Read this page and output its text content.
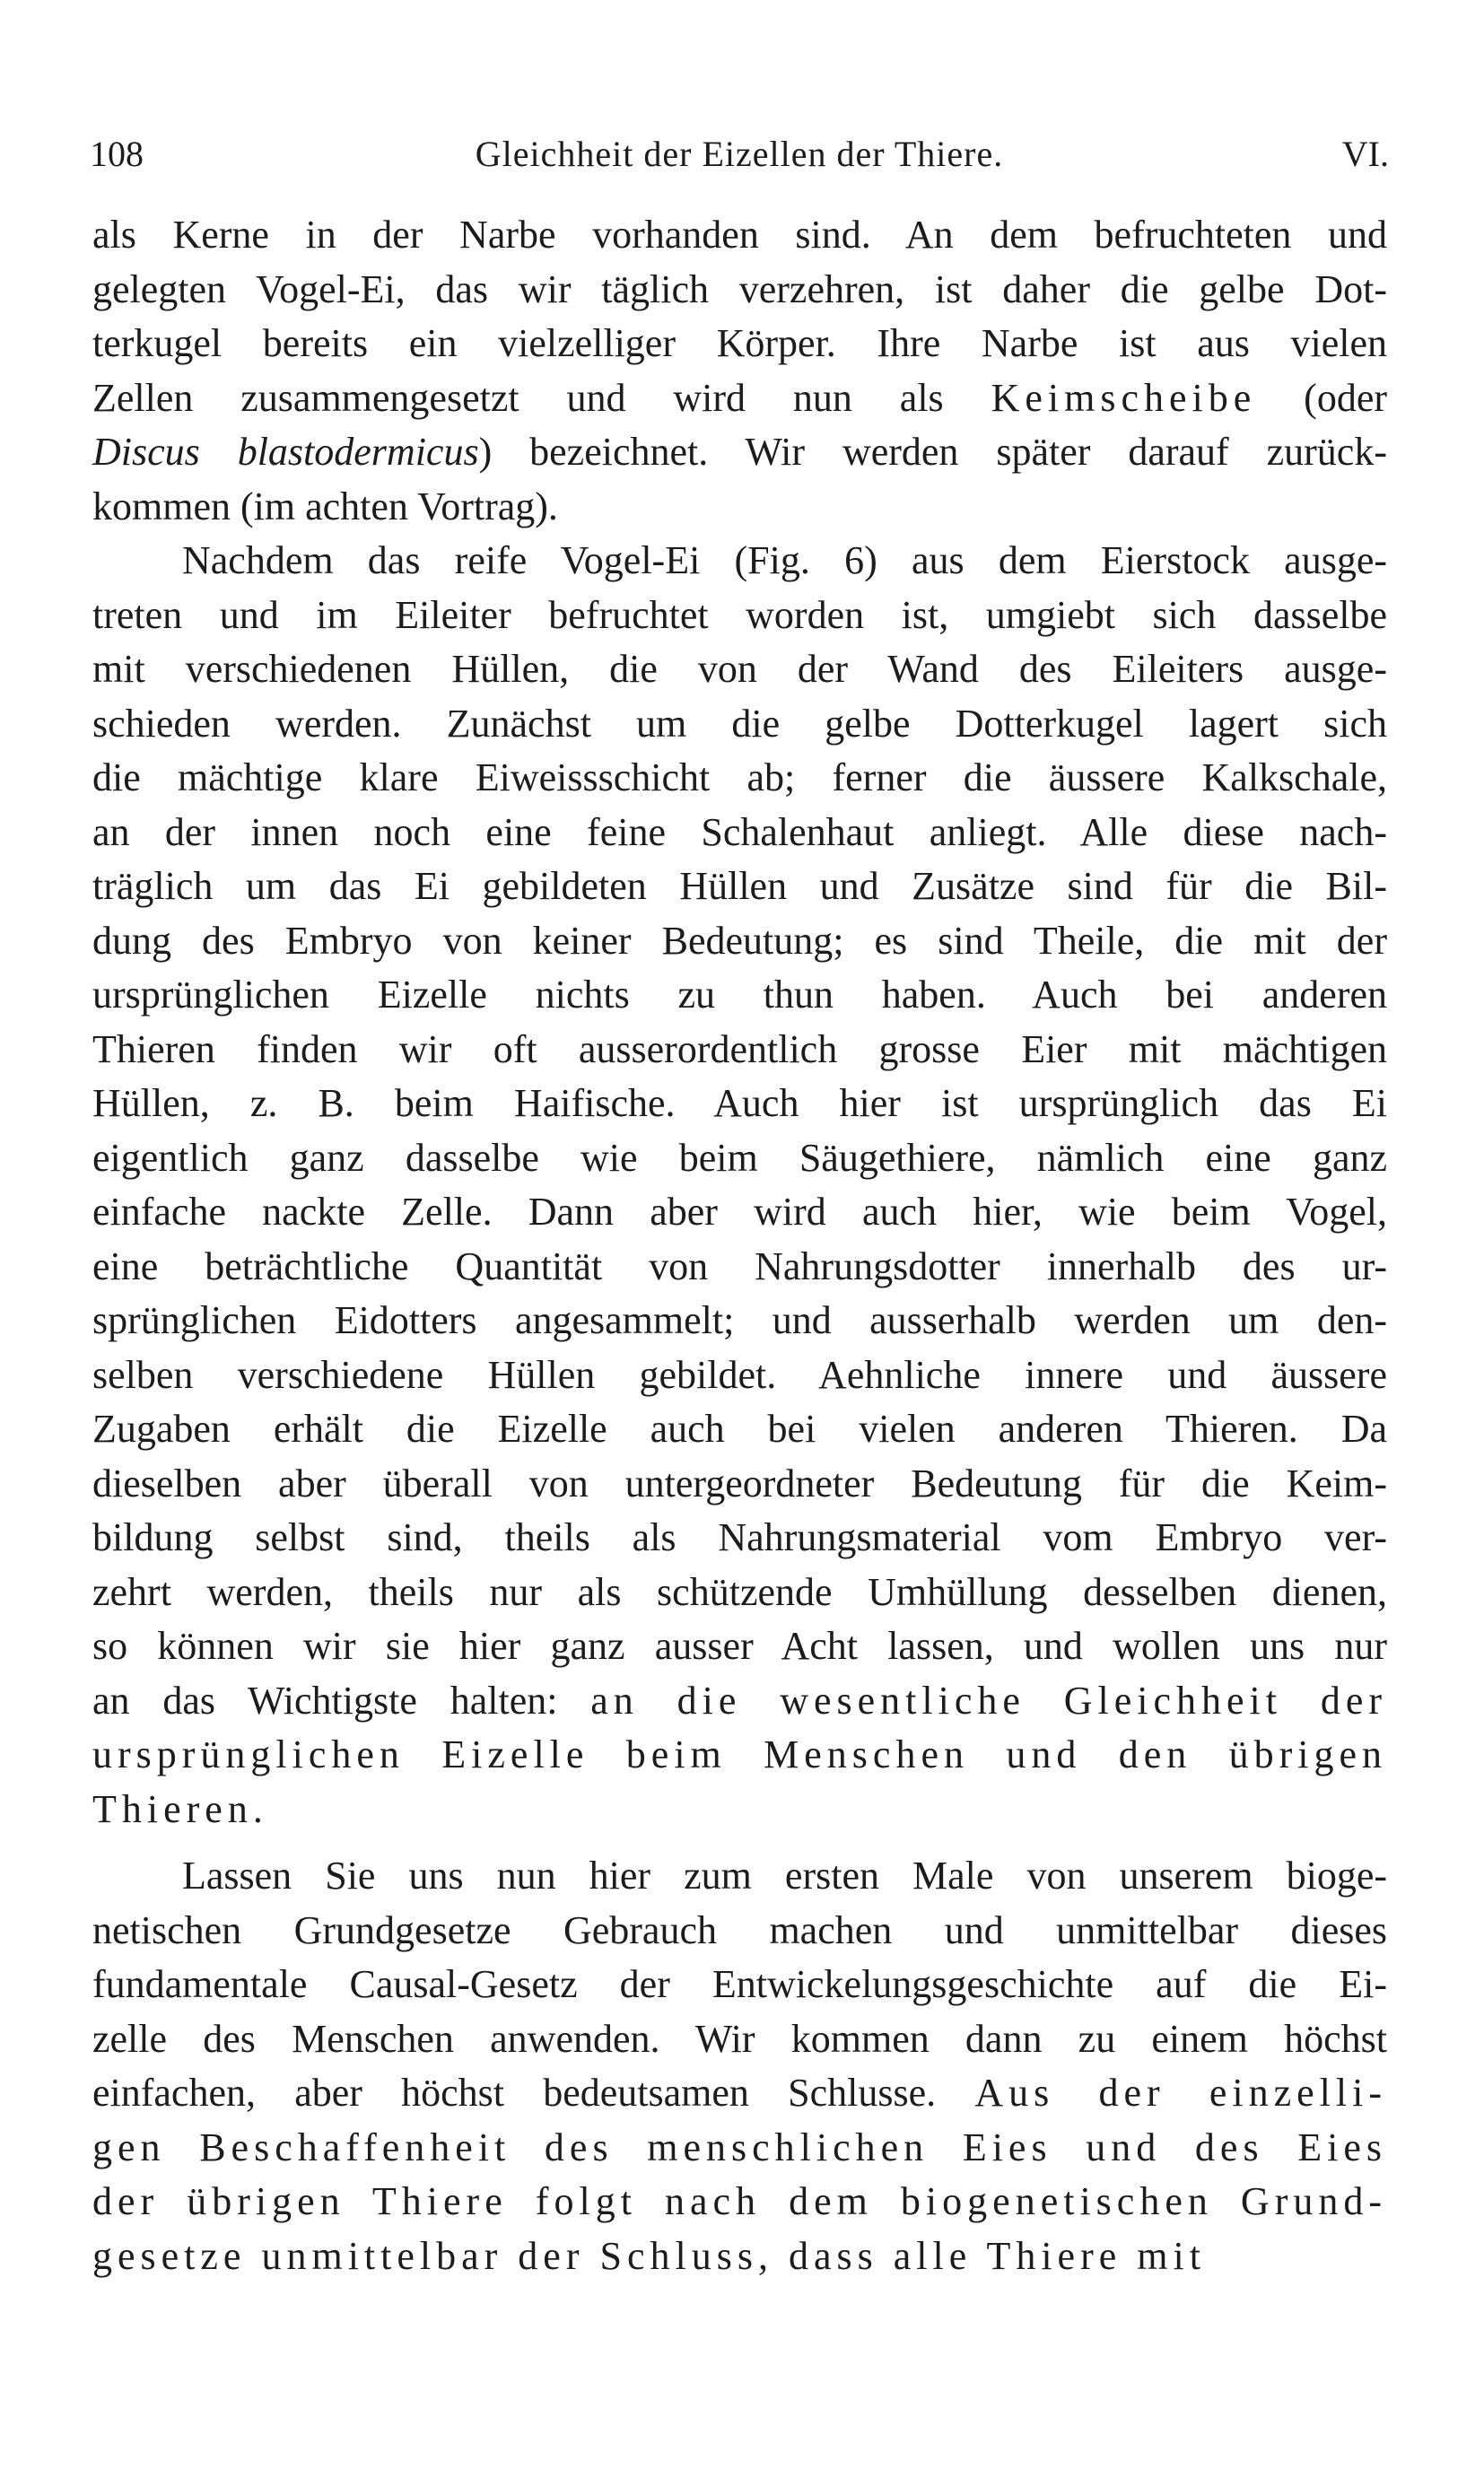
108	Gleichheit der Eizellen der Thiere.	VI.
als Kerne in der Narbe vorhanden sind. An dem befruchteten und
gelegten Vogel-Ei, das wir täglich verzehren, ist daher die gelbe Dot-
terkugel bereits ein vielzelliger Körper. Ihre Narbe ist aus vielen
Zellen zusammengesetzt und wird nun als Keimscheibe (oder
Discus blastodermicus) bezeichnet. Wir werden später darauf zurück-
kommen (im achten Vortrag).
Nachdem das reife Vogel-Ei (Fig. 6) aus dem Eierstock ausge-
treten und im Eileiter befruchtet worden ist, umgiebt sich dasselbe
mit verschiedenen Hüllen, die von der Wand des Eileiters ausge-
schieden werden. Zunächst um die gelbe Dotterkugel lagert sich
die mächtige klare Eiweissschicht ab; ferner die äussere Kalkschale,
an der innen noch eine feine Schalenhaut anliegt. Alle diese nach-
träglich um das Ei gebildeten Hüllen und Zusätze sind für die Bil-
dung des Embryo von keiner Bedeutung; es sind Theile, die mit der
ursprünglichen Eizelle nichts zu thun haben. Auch bei anderen
Thieren finden wir oft ausserordentlich grosse Eier mit mächtigen
Hüllen, z. B. beim Haifische. Auch hier ist ursprünglich das Ei
eigentlich ganz dasselbe wie beim Säugethiere, nämlich eine ganz
einfache nackte Zelle. Dann aber wird auch hier, wie beim Vogel,
eine beträchtliche Quantität von Nahrungsdotter innerhalb des ur-
sprünglichen Eidotters angesammelt; und ausserhalb werden um den-
selben verschiedene Hüllen gebildet. Aehnliche innere und äussere
Zugaben erhält die Eizelle auch bei vielen anderen Thieren. Da
dieselben aber überall von untergeordneter Bedeutung für die Keim-
bildung selbst sind, theils als Nahrungsmaterial vom Embryo ver-
zehrt werden, theils nur als schützende Umhüllung desselben dienen,
so können wir sie hier ganz ausser Acht lassen, und wollen uns nur
an das Wichtigste halten: an die wesentliche Gleichheit der
ursprünglichen Eizelle beim Menschen und den übrigen
Thieren.
Lassen Sie uns nun hier zum ersten Male von unserem bioge-
netischen Grundgesetze Gebrauch machen und unmittelbar dieses
fundamentale Causal-Gesetz der Entwickelungsgeschichte auf die Ei-
zelle des Menschen anwenden. Wir kommen dann zu einem höchst
einfachen, aber höchst bedeutsamen Schlusse. Aus der einzelli-
gen Beschaffenheit des menschlichen Eies und des Eies
der übrigen Thiere folgt nach dem biogenetischen Grund-
gesetze unmittelbar der Schluss, dass alle Thiere mit
